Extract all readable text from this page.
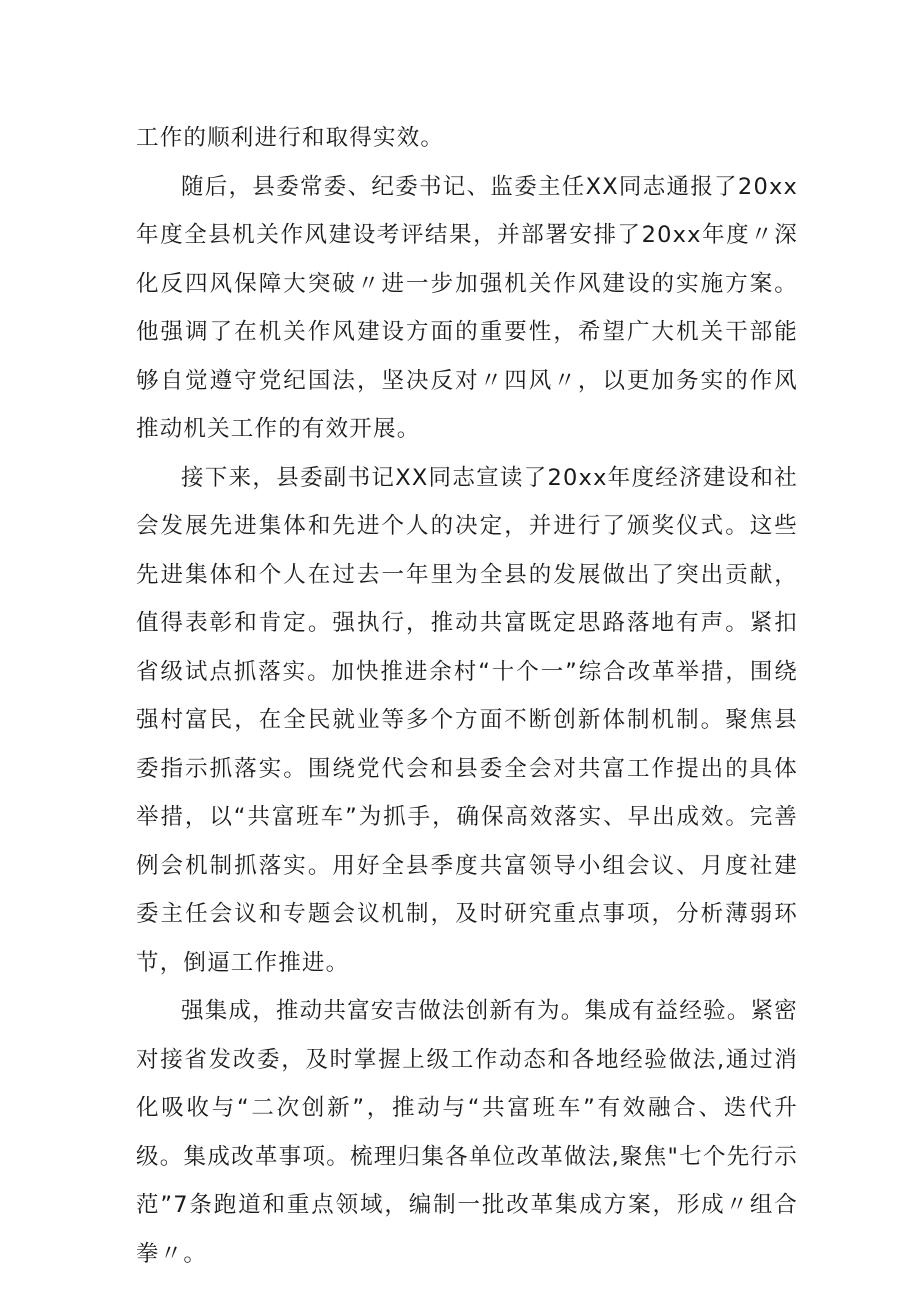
工作的顺利进行和取得实效。

随后，县委常委、纪委书记、监委主任XX同志通报了20xx年度全县机关作风建设考评结果，并部署安排了20xx年度〃深化反四风保障大突破〃进一步加强机关作风建设的实施方案。他强调了在机关作风建设方面的重要性，希望广大机关干部能够自觉遵守党纪国法，坚决反对〃四风〃，以更加务实的作风推动机关工作的有效开展。

接下来，县委副书记XX同志宣读了20xx年度经济建设和社会发展先进集体和先进个人的决定，并进行了颁奖仪式。这些先进集体和个人在过去一年里为全县的发展做出了突出贡献，值得表彰和肯定。强执行，推动共富既定思路落地有声。紧扣省级试点抓落实。加快推进余村“十个一”综合改革举措，围绕强村富民，在全民就业等多个方面不断创新体制机制。聚焦县委指示抓落实。围绕党代会和县委全会对共富工作提出的具体举措，以“共富班车”为抓手，确保高效落实、早出成效。完善例会机制抓落实。用好全县季度共富领导小组会议、月度社建委主任会议和专题会议机制，及时研究重点事项，分析薄弱环节，倒逼工作推进。

强集成，推动共富安吉做法创新有为。集成有益经验。紧密对接省发改委，及时掌握上级工作动态和各地经验做法,通过消化吸收与“二次创新”，推动与“共富班车”有效融合、迭代升级。集成改革事项。梳理归集各单位改革做法,聚焦"七个先行示范”7条跑道和重点领域，编制一批改革集成方案，形成〃组合拳〃。
